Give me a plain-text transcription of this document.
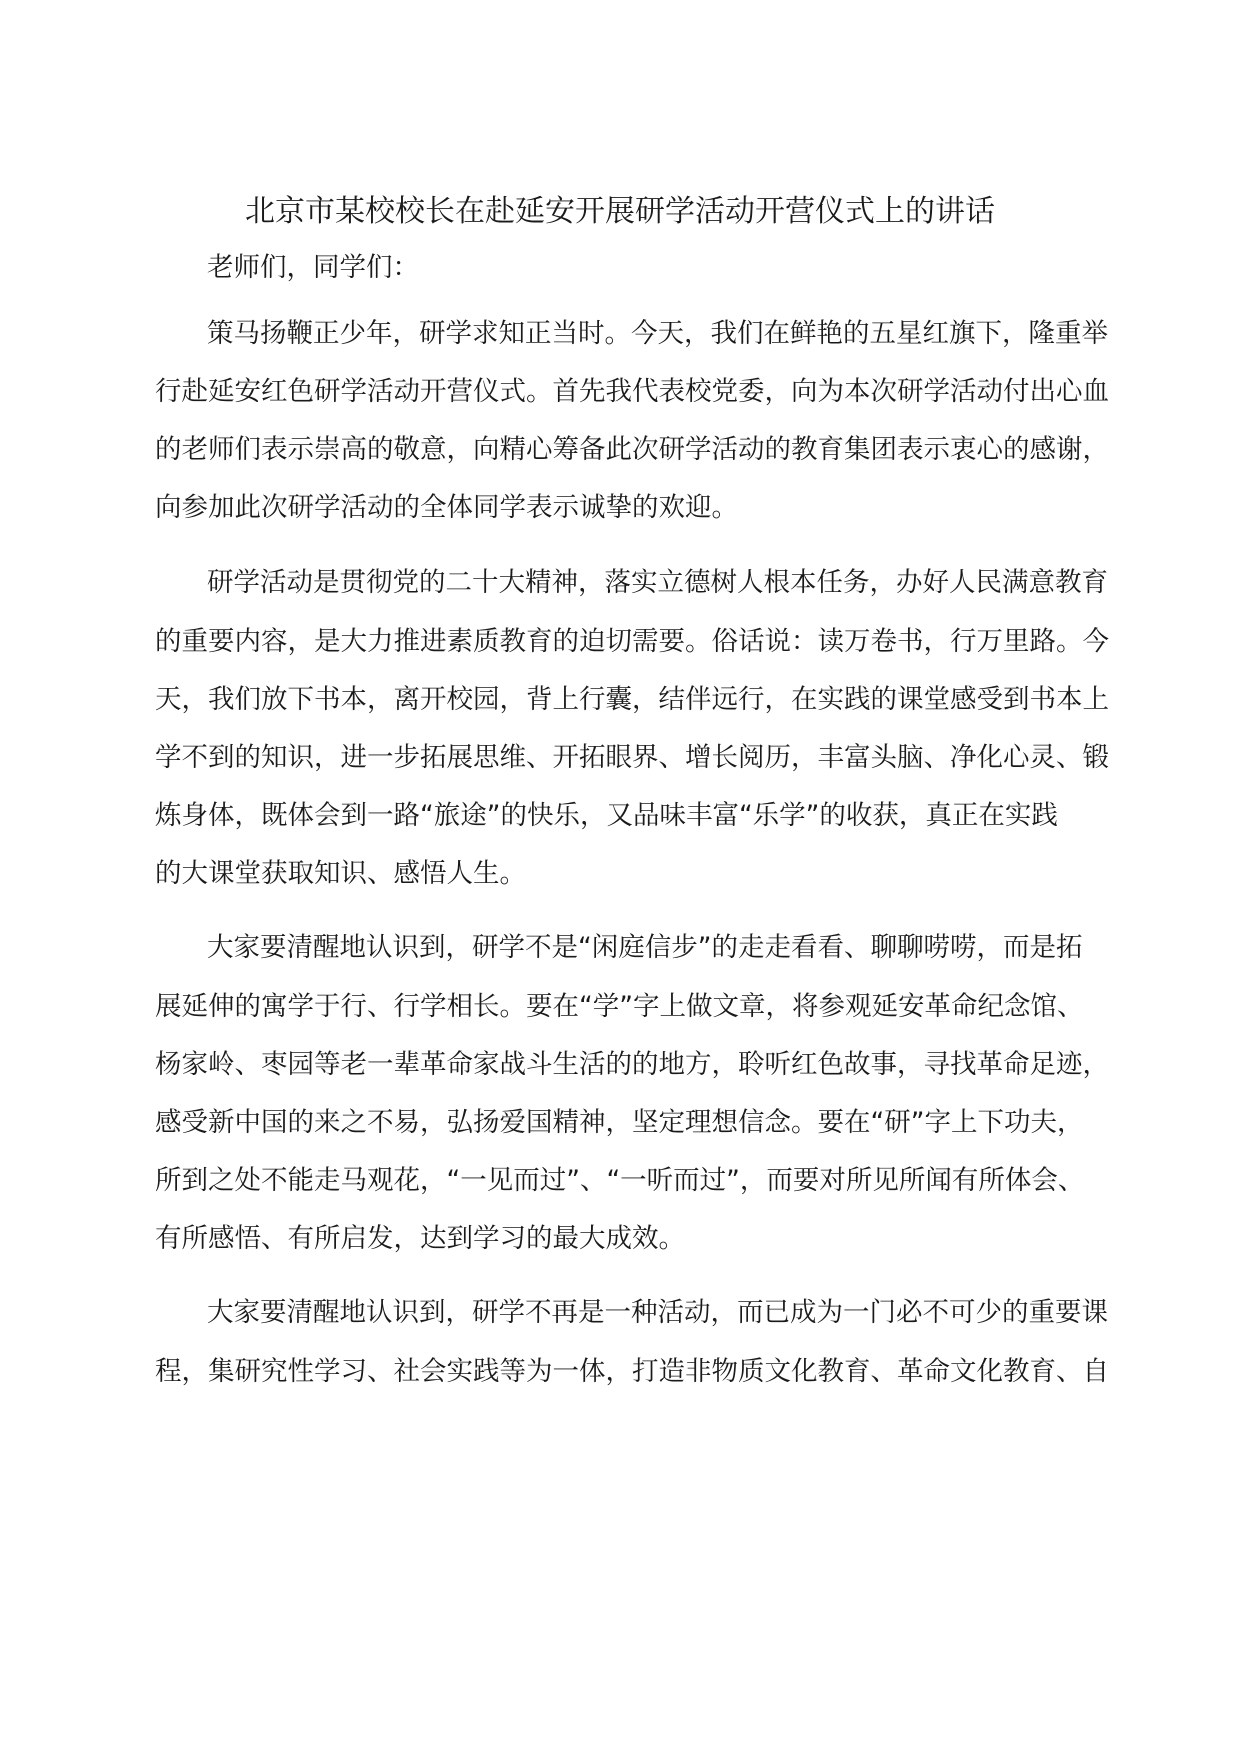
北京市某校校长在赴延安开展研学活动开营仪式上的讲话

老师们，同学们：

策马扬鞭正少年，研学求知正当时。今天，我们在鲜艳的五星红旗下，隆重举

行赴延安红色研学活动开营仪式。首先我代表校党委，向为本次研学活动付出心血

的老师们表示崇高的敬意，向精心筹备此次研学活动的教育集团表示衷心的感谢，

向参加此次研学活动的全体同学表示诚挚的欢迎。

研学活动是贯彻党的二十大精神，落实立德树人根本任务，办好人民满意教育

的重要内容，是大力推进素质教育的迫切需要。俗话说：读万卷书，行万里路。今

天，我们放下书本，离开校园，背上行囊，结伴远行，在实践的课堂感受到书本上

学不到的知识，进一步拓展思维、开拓眼界、增长阅历，丰富头脑、净化心灵、锻

炼身体，既体会到一路“旅途”的快乐，又品味丰富“乐学”的收获，真正在实践

的大课堂获取知识、感悟人生。

大家要清醒地认识到，研学不是“闲庭信步”的走走看看、聊聊唠唠，而是拓

展延伸的寓学于行、行学相长。要在“学”字上做文章，将参观延安革命纪念馆、

杨家岭、枣园等老一辈革命家战斗生活的的地方，聆听红色故事，寻找革命足迹，

感受新中国的来之不易，弘扬爱国精神，坚定理想信念。要在“研”字上下功夫，

所到之处不能走马观花，“一见而过”、“一听而过”，而要对所见所闻有所体会、

有所感悟、有所启发，达到学习的最大成效。

大家要清醒地认识到，研学不再是一种活动，而已成为一门必不可少的重要课

程，集研究性学习、社会实践等为一体，打造非物质文化教育、革命文化教育、自
